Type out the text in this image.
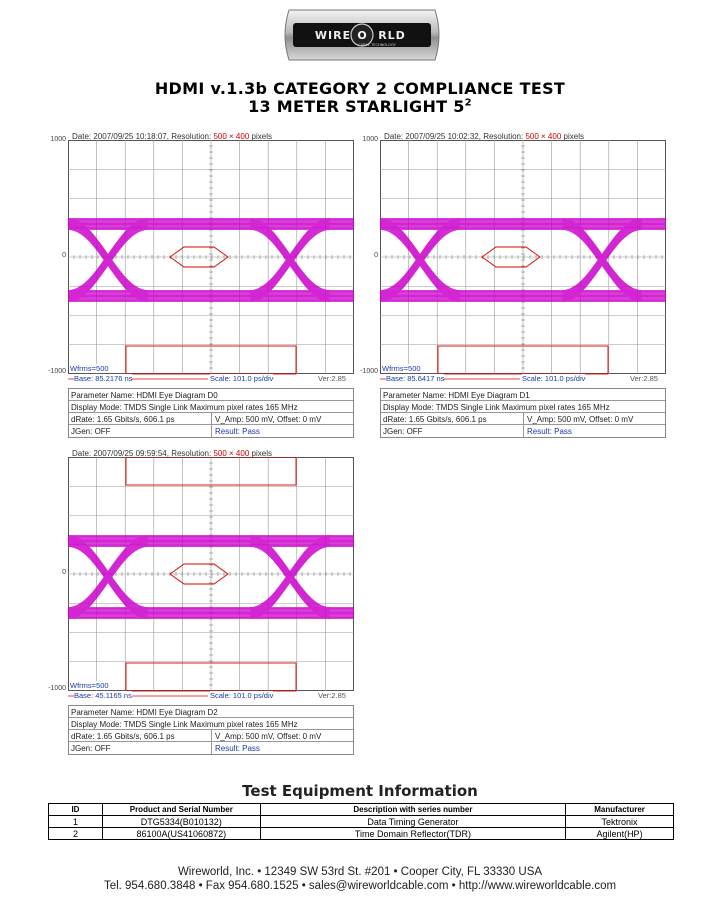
WIRE O RLD
CABLE TECHNOLOGY
HDMI v.1.3b CATEGORY 2 COMPLIANCE TEST
13 METER STARLIGHT $5^2$
Date: 2007/09/25 10:18:07, Resolution: 500 × 400 pixels
1000
0
-1000 Wfrms=500
Base: 85.2176 ns	Scale: 101.0 ps/div	Ver:2.85
Parameter Name: HDMI Eye Diagram D0
Display Mode: TMDS Single Link Maximum pixel rates 165 MHz
dRate: 1.65 Gbits/s, 606.1 ps	V_Amp: 500 mV, Offset: 0 mV
JGen: OFF	Result: Pass
Date: 2007/09/25 10:02:32, Resolution: 500 × 400 pixels
1000
0
-1000 Wfrms=500
Base: 85.6417 ns	Scale: 101.0 ps/div	Ver:2.85
Parameter Name: HDMI Eye Diagram D1
Display Mode: TMDS Single Link Maximum pixel rates 165 MHz
dRate: 1.65 Gbits/s, 606.1 ps	V_Amp: 500 mV, Offset: 0 mV
JGen: OFF	Result: Pass
Date: 2007/09/25 09:59:54, Resolution: 500 × 400 pixels
0
-1000 Wfrms=500
Base: 45.1165 ns	Scale: 101.0 ps/div	Ver:2.85
Parameter Name: HDMI Eye Diagram D2
Display Mode: TMDS Single Link Maximum pixel rates 165 MHz
dRate: 1.65 Gbits/s, 606.1 ps	V_Amp: 500 mV, Offset: 0 mV
JGen: OFF	Result: Pass
Test Equipment Information
ID	Product and Serial Number	Description with series number	Manufacturer
1	DTG5334(B010132)	Data Timing Generator	Tektronix
2	86100A(US41060872)	Time Domain Reflector(TDR)	Agilent(HP)
Wireworld, Inc. • 12349 SW 53rd St. #201 • Cooper City, FL 33330 USA
Tel. 954.680.3848 • Fax 954.680.1525 • sales@wireworldcable.com • http://www.wireworldcable.com
